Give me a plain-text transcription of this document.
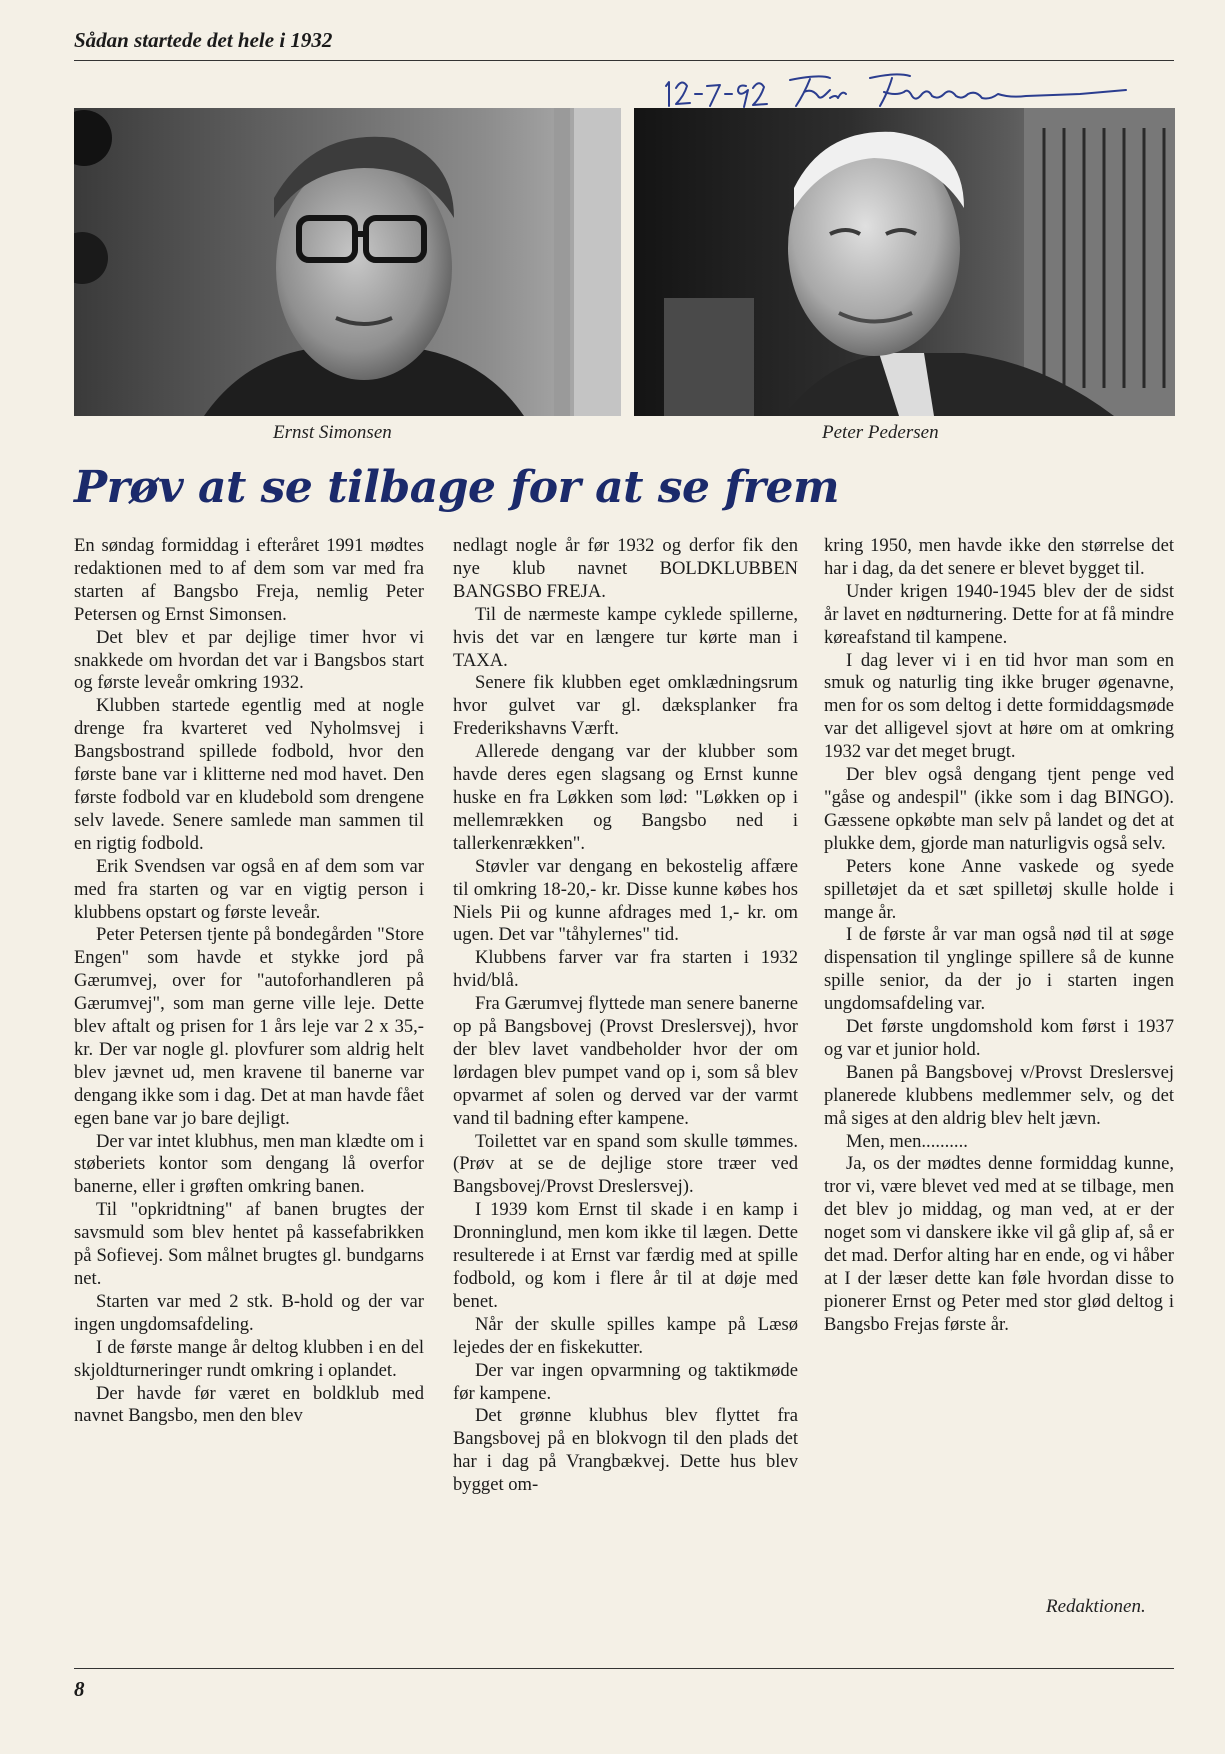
Sådan startede det hele i 1932
Ernst Simonsen	Peter Pedersen
Prøv at se tilbage for at se frem

En søndag formiddag i efteråret 1991 mødtes redaktionen med to af dem som var med fra starten af Bangsbo Freja, nemlig Peter Petersen og Ernst Simonsen.

Det blev et par dejlige timer hvor vi snakkede om hvordan det var i Bangsbos start og første leveår omkring 1932.

Klubben startede egentlig med at nogle drenge fra kvarteret ved Nyholmsvej i Bangsbostrand spillede fodbold, hvor den første bane var i klitterne ned mod havet. Den første fodbold var en kludebold som drengene selv lavede. Senere samlede man sammen til en rigtig fodbold.

Erik Svendsen var også en af dem som var med fra starten og var en vigtig person i klubbens opstart og første leveår.

Peter Petersen tjente på bondegården "Store Engen" som havde et stykke jord på Gærumvej, over for "autoforhandleren på Gærumvej", som man gerne ville leje. Dette blev aftalt og prisen for 1 års leje var 2 x 35,- kr. Der var nogle gl. plovfurer som aldrig helt blev jævnet ud, men kravene til banerne var dengang ikke som i dag. Det at man havde fået egen bane var jo bare dejligt.

Der var intet klubhus, men man klædte om i støberiets kontor som dengang lå overfor banerne, eller i grøften omkring banen.

Til "opkridtning" af banen brugtes der savsmuld som blev hentet på kassefabrikken på Sofievej. Som målnet brugtes gl. bundgarns net.

Starten var med 2 stk. B-hold og der var ingen ungdomsafdeling.

I de første mange år deltog klubben i en del skjoldturneringer rundt omkring i oplandet.

Der havde før været en boldklub med navnet Bangsbo, men den blev

nedlagt nogle år før 1932 og derfor fik den nye klub navnet BOLDKLUBBEN BANGSBO FREJA.

Til de nærmeste kampe cyklede spillerne, hvis det var en længere tur kørte man i TAXA.

Senere fik klubben eget omklædningsrum hvor gulvet var gl. dæksplanker fra Frederikshavns Værft.

Allerede dengang var der klubber som havde deres egen slagsang og Ernst kunne huske en fra Løkken som lød: "Løkken op i mellemrækken og Bangsbo ned i tallerkenrækken".

Støvler var dengang en bekostelig affære til omkring 18-20,- kr. Disse kunne købes hos Niels Pii og kunne afdrages med 1,- kr. om ugen. Det var "tåhylernes" tid.

Klubbens farver var fra starten i 1932 hvid/blå.

Fra Gærumvej flyttede man senere banerne op på Bangsbovej (Provst Dreslersvej), hvor der blev lavet vandbeholder hvor der om lørdagen blev pumpet vand op i, som så blev opvarmet af solen og derved var der varmt vand til badning efter kampene.

Toilettet var en spand som skulle tømmes. (Prøv at se de dejlige store træer ved Bangsbovej/Provst Dreslersvej).

I 1939 kom Ernst til skade i en kamp i Dronninglund, men kom ikke til lægen. Dette resulterede i at Ernst var færdig med at spille fodbold, og kom i flere år til at døje med benet.

Når der skulle spilles kampe på Læsø lejedes der en fiskekutter.

Der var ingen opvarmning og taktikmøde før kampene.

Det grønne klubhus blev flyttet fra Bangsbovej på en blokvogn til den plads det har i dag på Vrangbækvej. Dette hus blev bygget om-

kring 1950, men havde ikke den størrelse det har i dag, da det senere er blevet bygget til.

Under krigen 1940-1945 blev der de sidst år lavet en nødturnering. Dette for at få mindre køreafstand til kampene.

I dag lever vi i en tid hvor man som en smuk og naturlig ting ikke bruger øgenavne, men for os som deltog i dette formiddagsmøde var det alligevel sjovt at høre om at omkring 1932 var det meget brugt.

Der blev også dengang tjent penge ved "gåse og andespil" (ikke som i dag BINGO). Gæssene opkøbte man selv på landet og det at plukke dem, gjorde man naturligvis også selv.

Peters kone Anne vaskede og syede spilletøjet da et sæt spilletøj skulle holde i mange år.

I de første år var man også nød til at søge dispensation til ynglinge spillere så de kunne spille senior, da der jo i starten ingen ungdomsafdeling var.

Det første ungdomshold kom først i 1937 og var et junior hold.

Banen på Bangsbovej v/Provst Dreslersvej planerede klubbens medlemmer selv, og det må siges at den aldrig blev helt jævn.

Men, men..........

Ja, os der mødtes denne formiddag kunne, tror vi, være blevet ved med at se tilbage, men det blev jo middag, og man ved, at er der noget som vi danskere ikke vil gå glip af, så er det mad. Derfor alting har en ende, og vi håber at I der læser dette kan føle hvordan disse to pionerer Ernst og Peter med stor glød deltog i Bangsbo Frejas første år.

Redaktionen.
8
